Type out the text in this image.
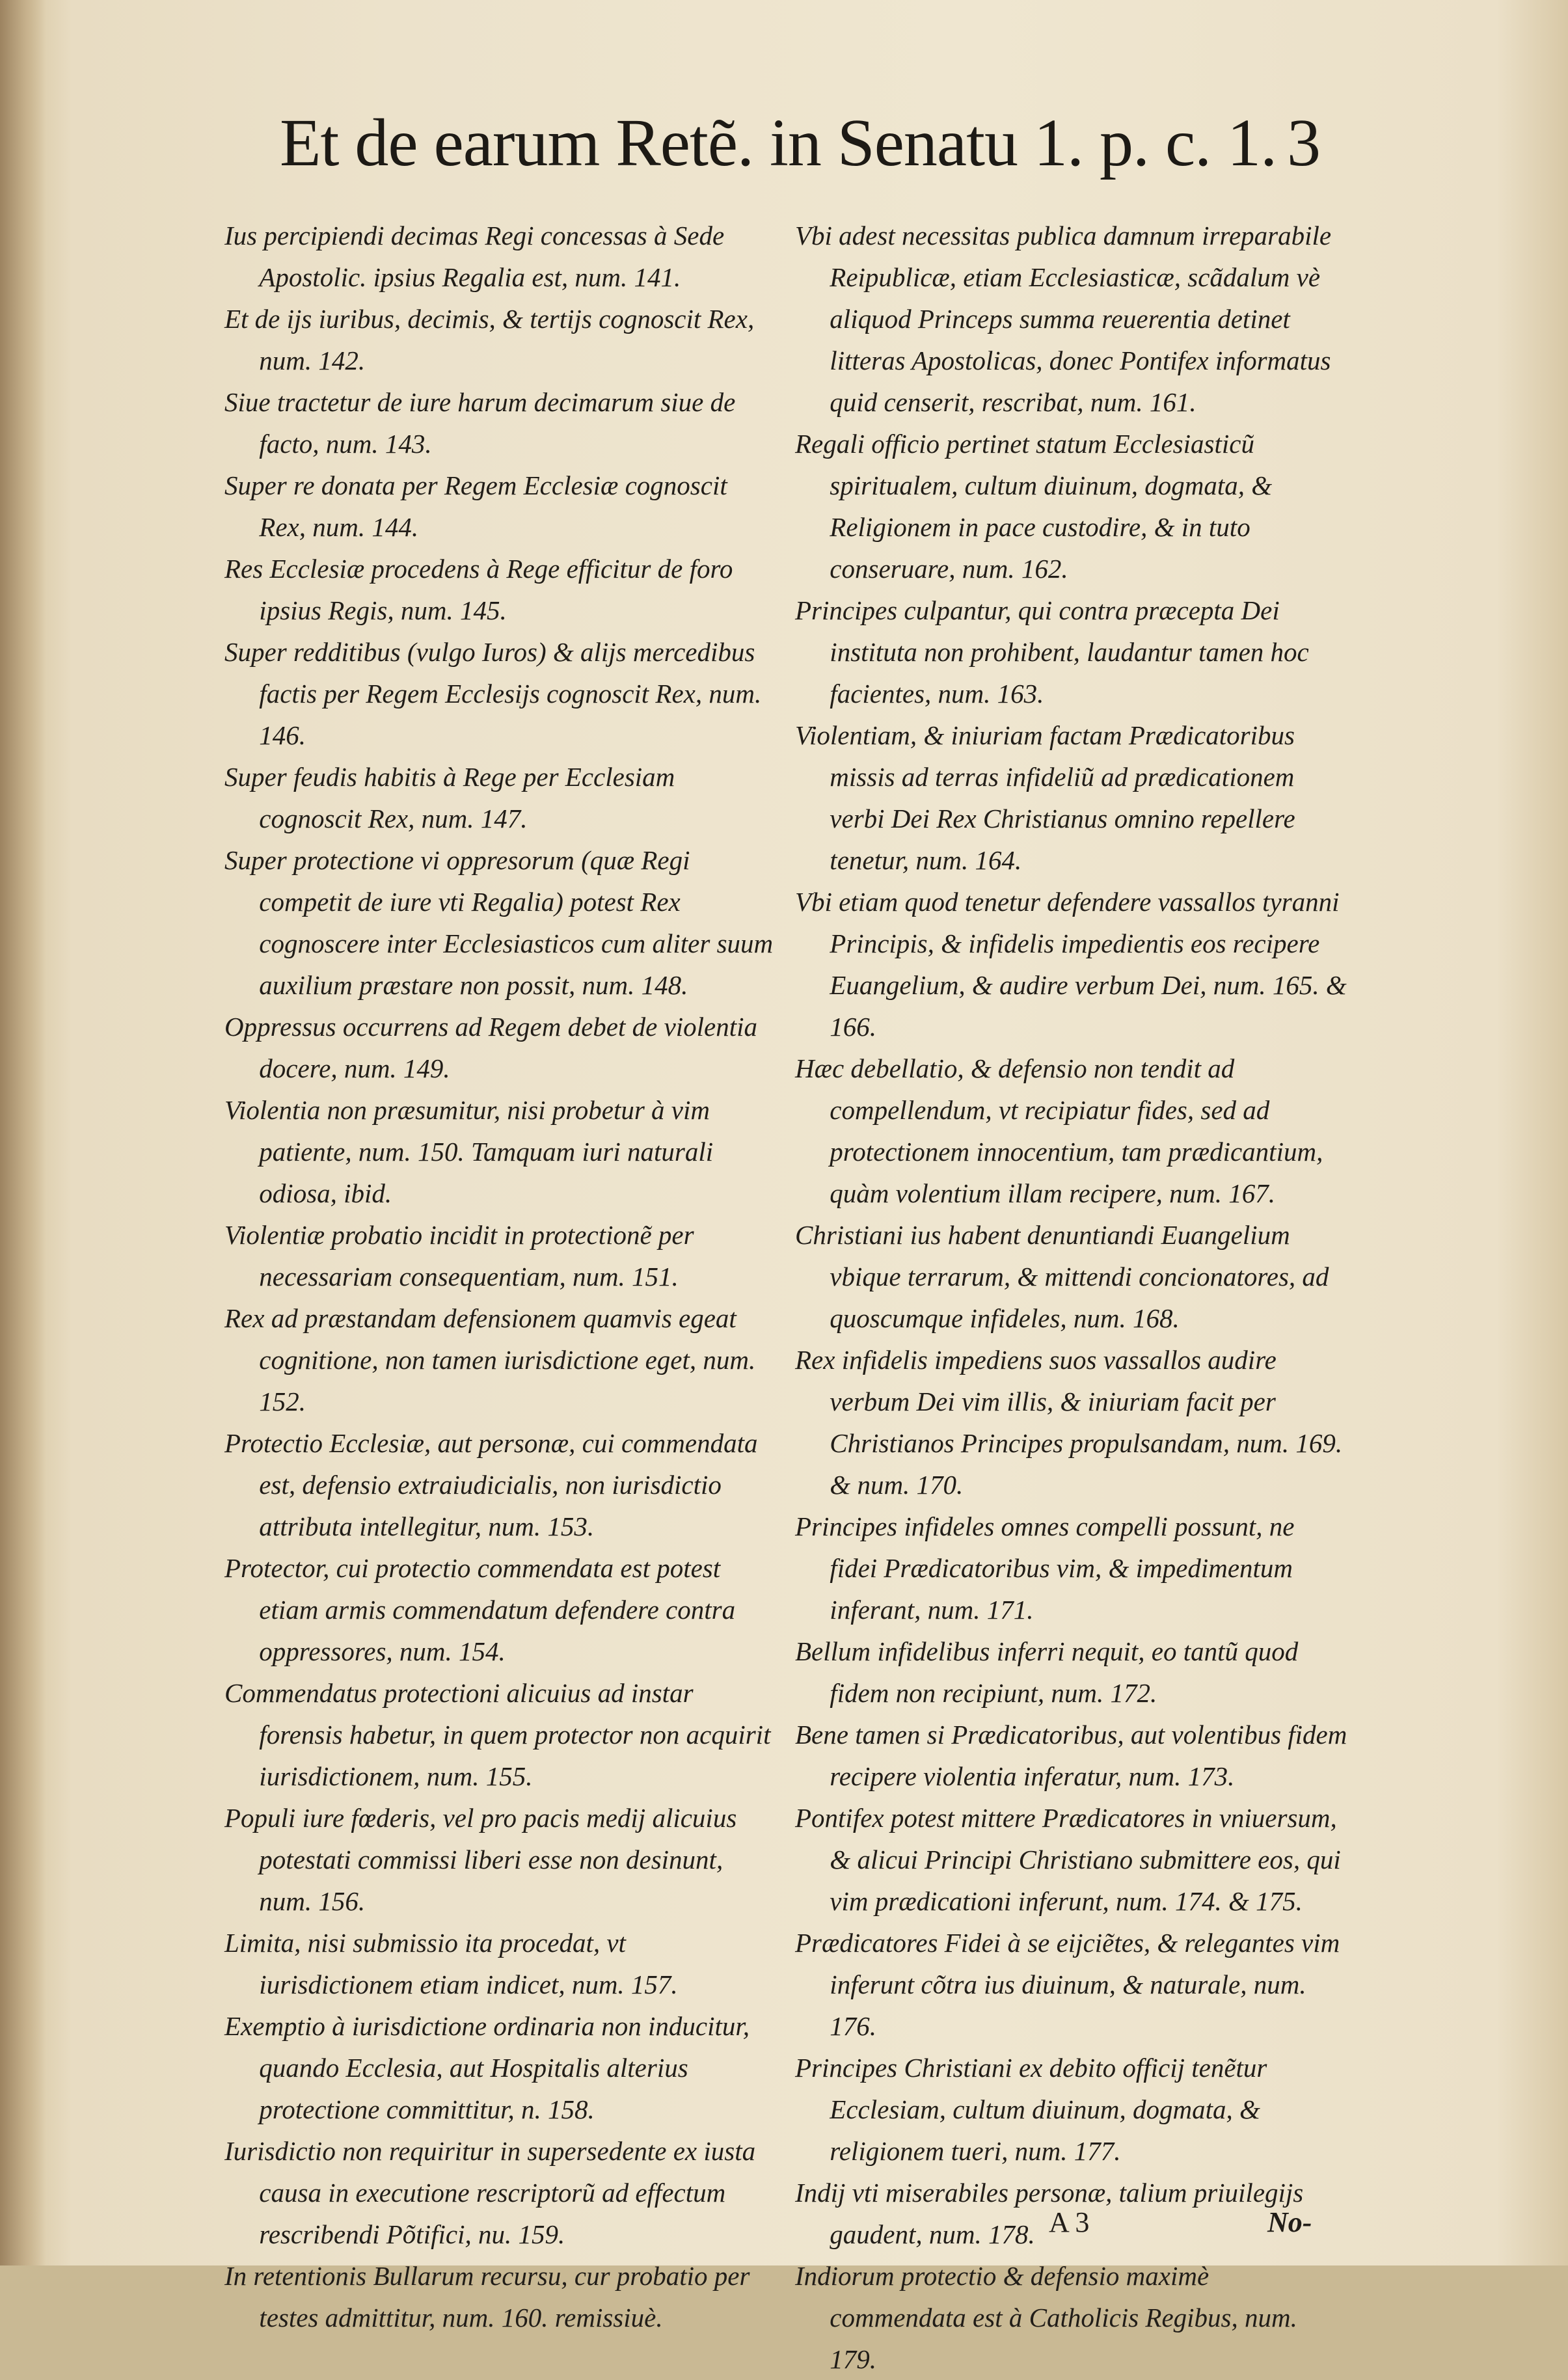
Et de earum Retẽ. in Senatu 1. p. c. 1. 3

Ius percipiendi decimas Regi concessas à Sede Apostolic. ipsius Regalia est, num. 141.

Et de ijs iuribus, decimis, & tertijs cognoscit Rex, num. 142.

Siue tractetur de iure harum decimarum siue de facto, num. 143.

Super re donata per Regem Ecclesiæ cognoscit Rex, num. 144.

Res Ecclesiæ procedens à Rege efficitur de foro ipsius Regis, num. 145.

Super redditibus (vulgo Iuros) & alijs mercedibus factis per Regem Ecclesijs cognoscit Rex, num. 146.

Super feudis habitis à Rege per Ecclesiam cognoscit Rex, num. 147.

Super protectione vi oppresorum (quæ Regi competit de iure vti Regalia) potest Rex cognoscere inter Ecclesiasticos cum aliter suum auxilium præstare non possit, num. 148.

Oppressus occurrens ad Regem debet de violentia docere, num. 149.

Violentia non præsumitur, nisi probetur à vim patiente, num. 150. Tamquam iuri naturali odiosa, ibid.

Violentiæ probatio incidit in protectionẽ per necessariam consequentiam, num. 151.

Rex ad præstandam defensionem quamvis egeat cognitione, non tamen iurisdictione eget, num. 152.

Protectio Ecclesiæ, aut personæ, cui commendata est, defensio extraiudicialis, non iurisdictio attributa intellegitur, num. 153.

Protector, cui protectio commendata est potest etiam armis commendatum defendere contra oppressores, num. 154.

Commendatus protectioni alicuius ad instar forensis habetur, in quem protector non acquirit iurisdictionem, num. 155.

Populi iure fœderis, vel pro pacis medij alicuius potestati commissi liberi esse non desinunt, num. 156.

Limita, nisi submissio ita procedat, vt iurisdictionem etiam indicet, num. 157.

Exemptio à iurisdictione ordinaria non inducitur, quando Ecclesia, aut Hospitalis alterius protectione committitur, n. 158.

Iurisdictio non requiritur in supersedente ex iusta causa in executione rescriptorũ ad effectum rescribendi Põtifici, nu. 159.

In retentionis Bullarum recursu, cur probatio per testes admittitur, num. 160. remissiuè.

Vbi adest necessitas publica damnum irreparabile Reipublicæ, etiam Ecclesiasticæ, scãdalum vè aliquod Princeps summa reuerentia detinet litteras Apostolicas, donec Pontifex informatus quid censerit, rescribat, num. 161.

Regali officio pertinet statum Ecclesiasticũ spiritualem, cultum diuinum, dogmata, & Religionem in pace custodire, & in tuto conseruare, num. 162.

Principes culpantur, qui contra præcepta Dei instituta non prohibent, laudantur tamen hoc facientes, num. 163.

Violentiam, & iniuriam factam Prædicatoribus missis ad terras infideliũ ad prædicationem verbi Dei Rex Christianus omnino repellere tenetur, num. 164.

Vbi etiam quod tenetur defendere vassallos tyranni Principis, & infidelis impedientis eos recipere Euangelium, & audire verbum Dei, num. 165. & 166.

Hæc debellatio, & defensio non tendit ad compellendum, vt recipiatur fides, sed ad protectionem innocentium, tam prædicantium, quàm volentium illam recipere, num. 167.

Christiani ius habent denuntiandi Euangelium vbique terrarum, & mittendi concionatores, ad quoscumque infideles, num. 168.

Rex infidelis impediens suos vassallos audire verbum Dei vim illis, & iniuriam facit per Christianos Principes propulsandam, num. 169. & num. 170.

Principes infideles omnes compelli possunt, ne fidei Prædicatoribus vim, & impedimentum inferant, num. 171.

Bellum infidelibus inferri nequit, eo tantũ quod fidem non recipiunt, num. 172.

Bene tamen si Prædicatoribus, aut volentibus fidem recipere violentia inferatur, num. 173.

Pontifex potest mittere Prædicatores in vniuersum, & alicui Principi Christiano submittere eos, qui vim prædicationi inferunt, num. 174. & 175.

Prædicatores Fidei à se eijciẽtes, & relegantes vim inferunt cõtra ius diuinum, & naturale, num. 176.

Principes Christiani ex debito officij tenẽtur Ecclesiam, cultum diuinum, dogmata, & religionem tueri, num. 177.

Indij vti miserabiles personæ, talium priuilegijs gaudent, num. 178.

Indiorum protectio & defensio maximè commendata est à Catholicis Regibus, num. 179.

A 3	No-
